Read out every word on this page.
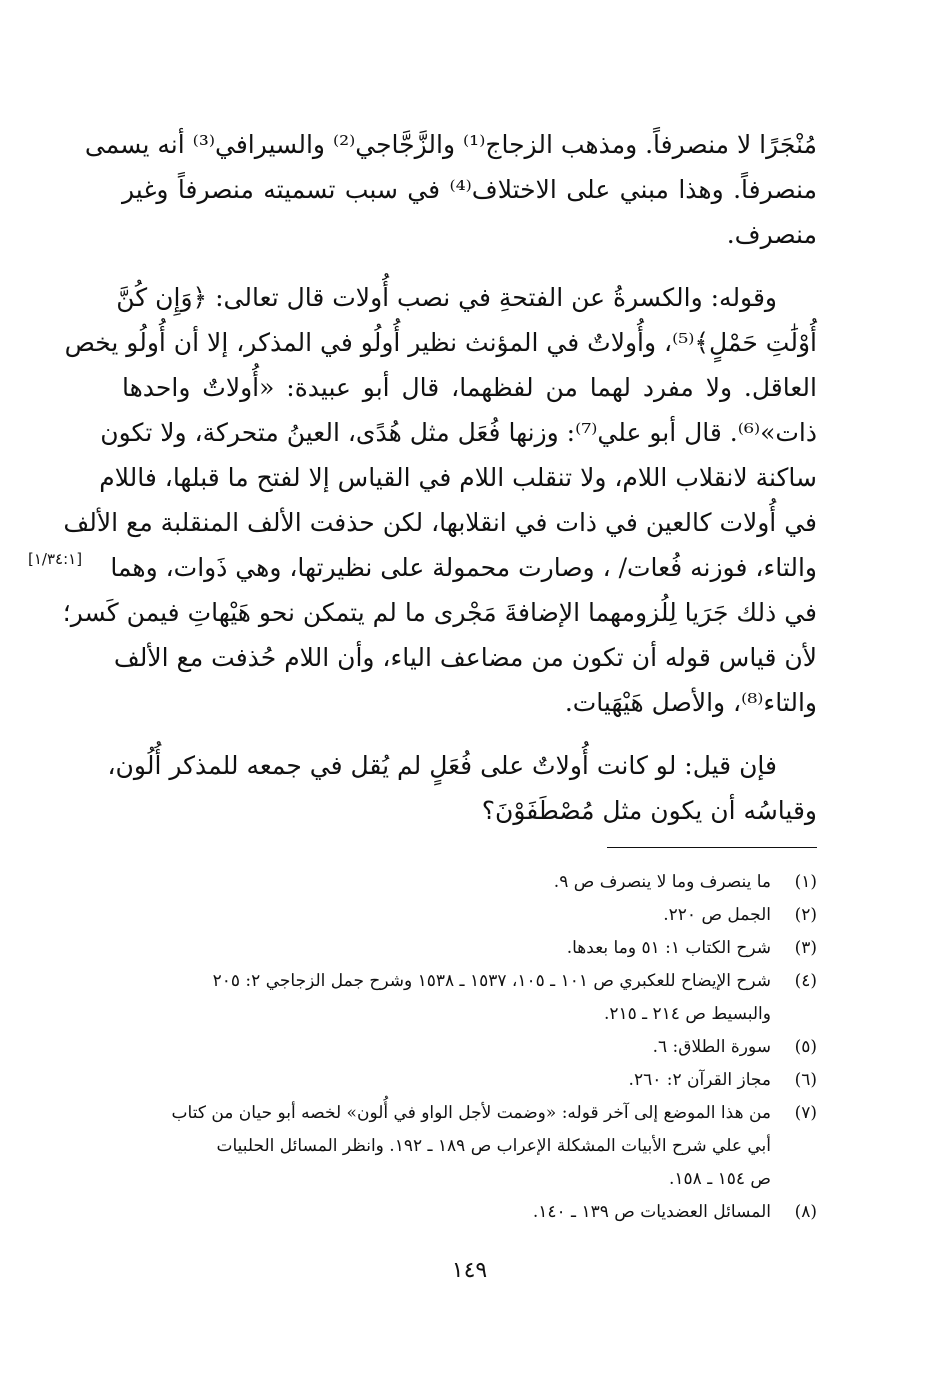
مُنْجَرًا لا منصرفاً. ومذهب الزجاج⁽¹⁾ والزَّجَّاجي⁽²⁾ والسيرافي⁽³⁾ أنه يسمى
منصرفاً. وهذا مبني على الاختلاف⁽⁴⁾ في سبب تسميته منصرفاً وغير
منصرف.
وقوله: والكسرةُ عن الفتحةِ في نصب أُولات قال تعالى: ﴿وَإِن كُنَّ
أُوْلَٰتِ حَمْلٍ﴾⁽⁵⁾، وأُولاتٌ في المؤنث نظير أُولُو في المذكر، إلا أن أُولُو يخص
العاقل. ولا مفرد لهما من لفظهما، قال أبو عبيدة: «أُولاتٌ واحدها
ذات»⁽⁶⁾. قال أبو علي⁽⁷⁾: وزنها فُعَل مثل هُدًى، العينُ متحركة، ولا تكون
ساكنة لانقلاب اللام، ولا تنقلب اللام في القياس إلا لفتح ما قبلها، فاللام
في أُولات كالعين في ذات في انقلابها، لكن حذفت الألف المنقلبة مع الألف
والتاء، فوزنه فُعات/ ، وصارت محمولة على نظيرتها، وهي ذَوات، وهما
في ذلك جَرَيا لِلُزومهما الإضافةَ مَجْرى ما لم يتمكن نحو هَيْهاتِ فيمن كَسر؛
لأن قياس قوله أن تكون من مضاعف الياء، وأن اللام حُذفت مع الألف
والتاء⁽⁸⁾، والأصل هَيْهَيات.
فإن قيل: لو كانت أُولاتٌ على فُعَلٍ لم يُقل في جمعه للمذكر أُلُون،
وقياسُه أن يكون مثل مُصْطَفَوْنَ؟
[١/٣٤:١]
(١)
ما ينصرف وما لا ينصرف ص ٩.
(٢)
الجمل ص ٢٢٠.
(٣)
شرح الكتاب ١: ٥١ وما بعدها.
(٤)
شرح الإيضاح للعكبري ص ١٠١ ـ ١٠٥، ١٥٣٧ ـ ١٥٣٨ وشرح جمل الزجاجي ٢: ٢٠٥
والبسيط ص ٢١٤ ـ ٢١٥.
(٥)
سورة الطلاق: ٦.
(٦)
مجاز القرآن ٢: ٢٦٠.
(٧)
من هذا الموضع إلى آخر قوله: «وضمت لأجل الواو في أُلون» لخصه أبو حيان من كتاب
أبي علي شرح الأبيات المشكلة الإعراب ص ١٨٩ ـ ١٩٢. وانظر المسائل الحلبيات
ص ١٥٤ ـ ١٥٨.
(٨)
المسائل العضديات ص ١٣٩ ـ ١٤٠.
١٤٩
